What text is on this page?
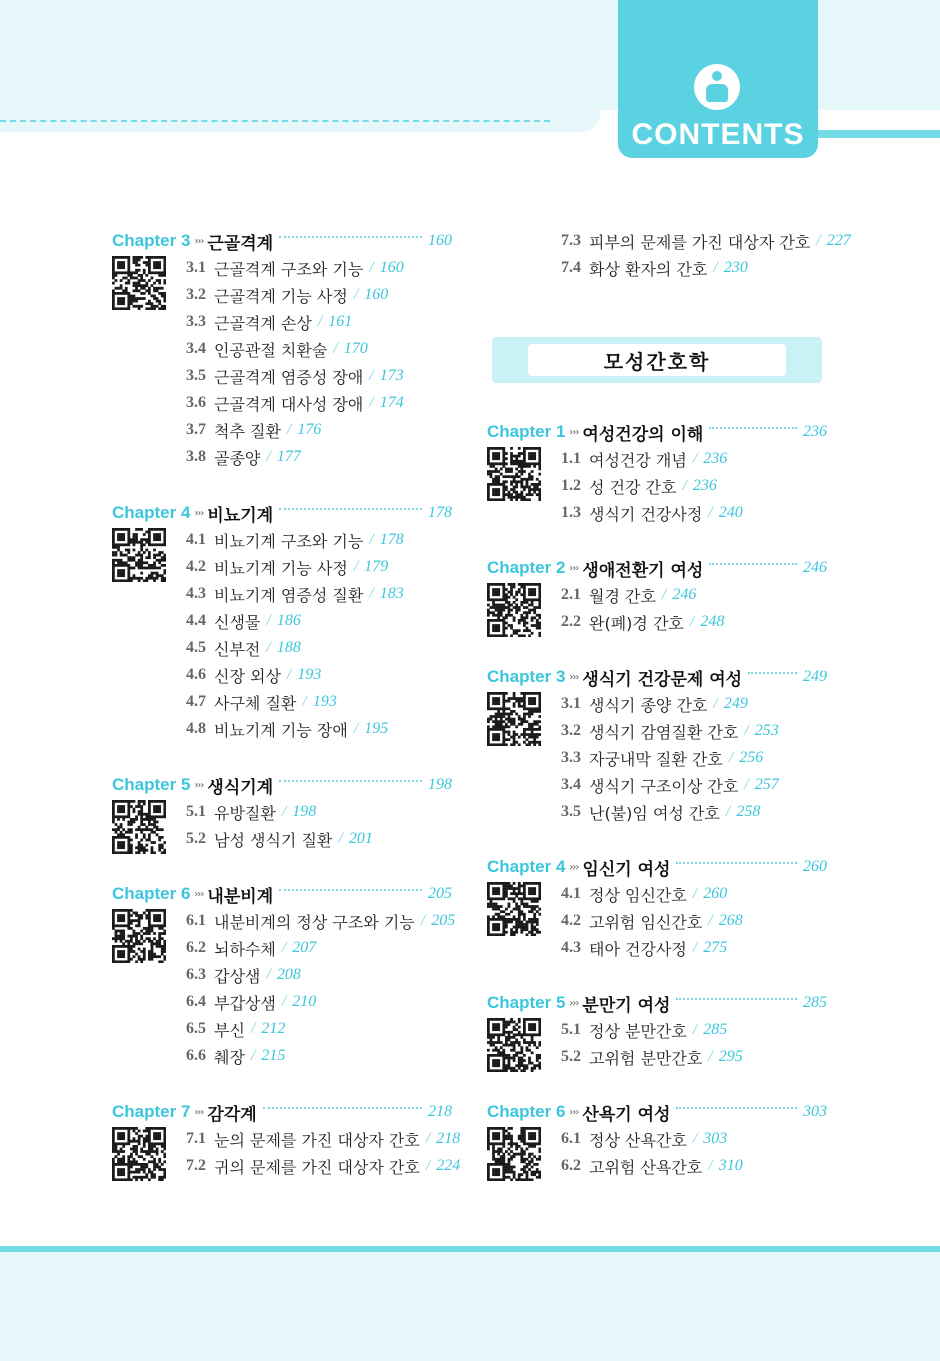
CONTENTS
Chapter 3 ››› 근골격계	160
3.1 근골격계 구조와 기능 / 160
3.2 근골격계 기능 사정 / 160
3.3 근골격계 손상 / 161
3.4 인공관절 치환술 / 170
3.5 근골격계 염증성 장애 / 173
3.6 근골격계 대사성 장애 / 174
3.7 척추 질환 / 176
3.8 골종양 / 177
Chapter 4 ››› 비뇨기계	178
4.1 비뇨기계 구조와 기능 / 178
4.2 비뇨기계 기능 사정 / 179
4.3 비뇨기계 염증성 질환 / 183
4.4 신생물 / 186
4.5 신부전 / 188
4.6 신장 외상 / 193
4.7 사구체 질환 / 193
4.8 비뇨기계 기능 장애 / 195
Chapter 5 ››› 생식기계	198
5.1 유방질환 / 198
5.2 남성 생식기 질환 / 201
Chapter 6 ››› 내분비계	205
6.1 내분비계의 정상 구조와 기능 / 205
6.2 뇌하수체 / 207
6.3 갑상샘 / 208
6.4 부갑상샘 / 210
6.5 부신 / 212
6.6 췌장 / 215
Chapter 7 ››› 감각계	218
7.1 눈의 문제를 가진 대상자 간호 / 218
7.2 귀의 문제를 가진 대상자 간호 / 224
7.3 피부의 문제를 가진 대상자 간호 / 227
7.4 화상 환자의 간호 / 230
모성간호학
Chapter 1 ››› 여성건강의 이해	236
1.1 여성건강 개념 / 236
1.2 성 건강 간호 / 236
1.3 생식기 건강사정 / 240
Chapter 2 ››› 생애전환기 여성	246
2.1 월경 간호 / 246
2.2 완(폐)경 간호 / 248
Chapter 3 ››› 생식기 건강문제 여성	249
3.1 생식기 종양 간호 / 249
3.2 생식기 감염질환 간호 / 253
3.3 자궁내막 질환 간호 / 256
3.4 생식기 구조이상 간호 / 257
3.5 난(불)임 여성 간호 / 258
Chapter 4 ››› 임신기 여성	260
4.1 정상 임신간호 / 260
4.2 고위험 임신간호 / 268
4.3 태아 건강사정 / 275
Chapter 5 ››› 분만기 여성	285
5.1 정상 분만간호 / 285
5.2 고위험 분만간호 / 295
Chapter 6 ››› 산욕기 여성	303
6.1 정상 산욕간호 / 303
6.2 고위험 산욕간호 / 310
